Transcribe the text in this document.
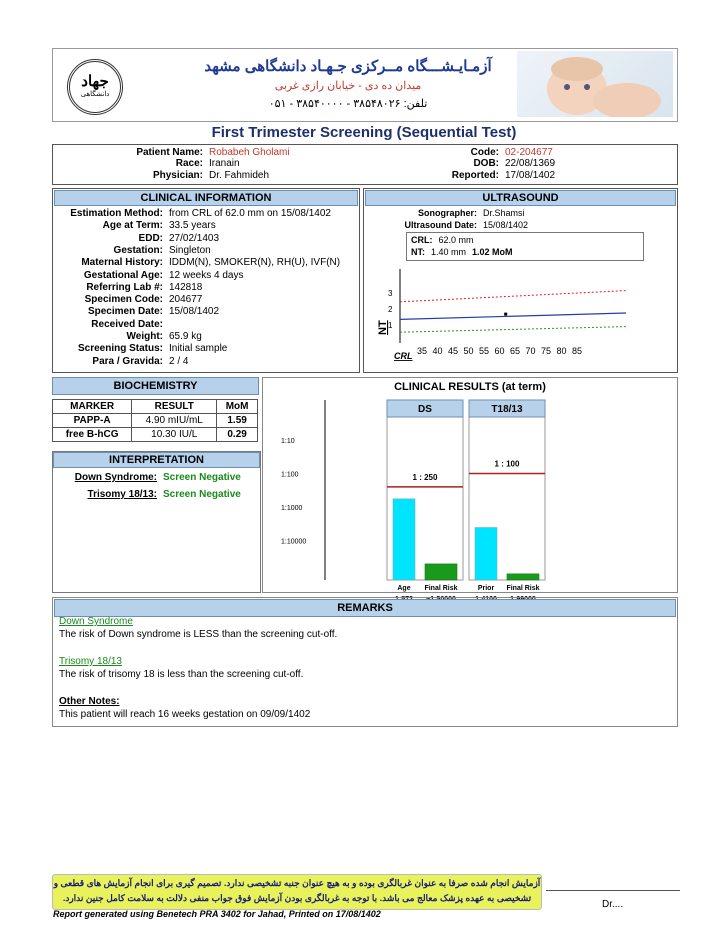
جهاد
دانشگاهی
آزمـایـشـــگاه مــرکزی جـهـاد دانشگاهی مشهد
میدان ده دی - خیابان رازی غربی
تلفن: ۳۸۵۴۸۰۲۶ - ۳۸۵۴۰۰۰۰ - ۰۵۱
First Trimester Screening (Sequential Test)
Patient Name: Robabeh Gholami
Race: Iranain
Physician: Dr. Fahmideh
Code: 02-204677
DOB: 22/08/1369
Reported: 17/08/1402
CLINICAL INFORMATION
Estimation Method: from CRL of 62.0 mm on 15/08/1402
Age at Term: 33.5 years
EDD: 27/02/1403
Gestation: Singleton
Maternal History: IDDM(N), SMOKER(N), RH(U), IVF(N)
Gestational Age: 12 weeks 4 days
Referring Lab #: 142818
Specimen Code: 204677
Specimen Date: 15/08/1402
Received Date:
Weight: 65.9 kg
Screening Status: Initial sample
Para / Gravida: 2 / 4
ULTRASOUND
Sonographer: Dr.Shamsi
Ultrasound Date: 15/08/1402
CRL: 62.0 mm
NT: 1.40 mm 1.02 MoM
3
2
1
35 40 45 50 55 60 65 70 75 80 85
NT
CRL
BIOCHEMISTRY
MARKER	RESULT	MoM
PAPP-A	4.90 mIU/mL	1.59
free B-hCG	10.30 IU/L	0.29
INTERPRETATION
Down Syndrome: Screen Negative
Trisomy 18/13: Screen Negative
CLINICAL RESULTS (at term)
1:10
1:100
1:1000
1:10000
DS
1 : 250
Age Final Risk
T18/13
1 : 100
Prior Final Risk
REMARKS
Down Syndrome
The risk of Down syndrome is LESS than the screening cut-off.
Trisomy 18/13
The risk of trisomy 18 is less than the screening cut-off.
Other Notes:
This patient will reach 16 weeks gestation on 09/09/1402
آزمایش انجام شده صرفا به عنوان غربالگری بوده و به هیچ عنوان جنبه تشخیصی ندارد. تصمیم گیری برای انجام آزمایش های قطعی و
تشخیصی به عهده پزشک معالج می باشد. با توجه به غربالگری بودن آزمایش فوق جواب منفی دلالت به سلامت کامل جنین ندارد.
Dr....
Report generated using Benetech PRA 3402 for Jahad, Printed on 17/08/1402
